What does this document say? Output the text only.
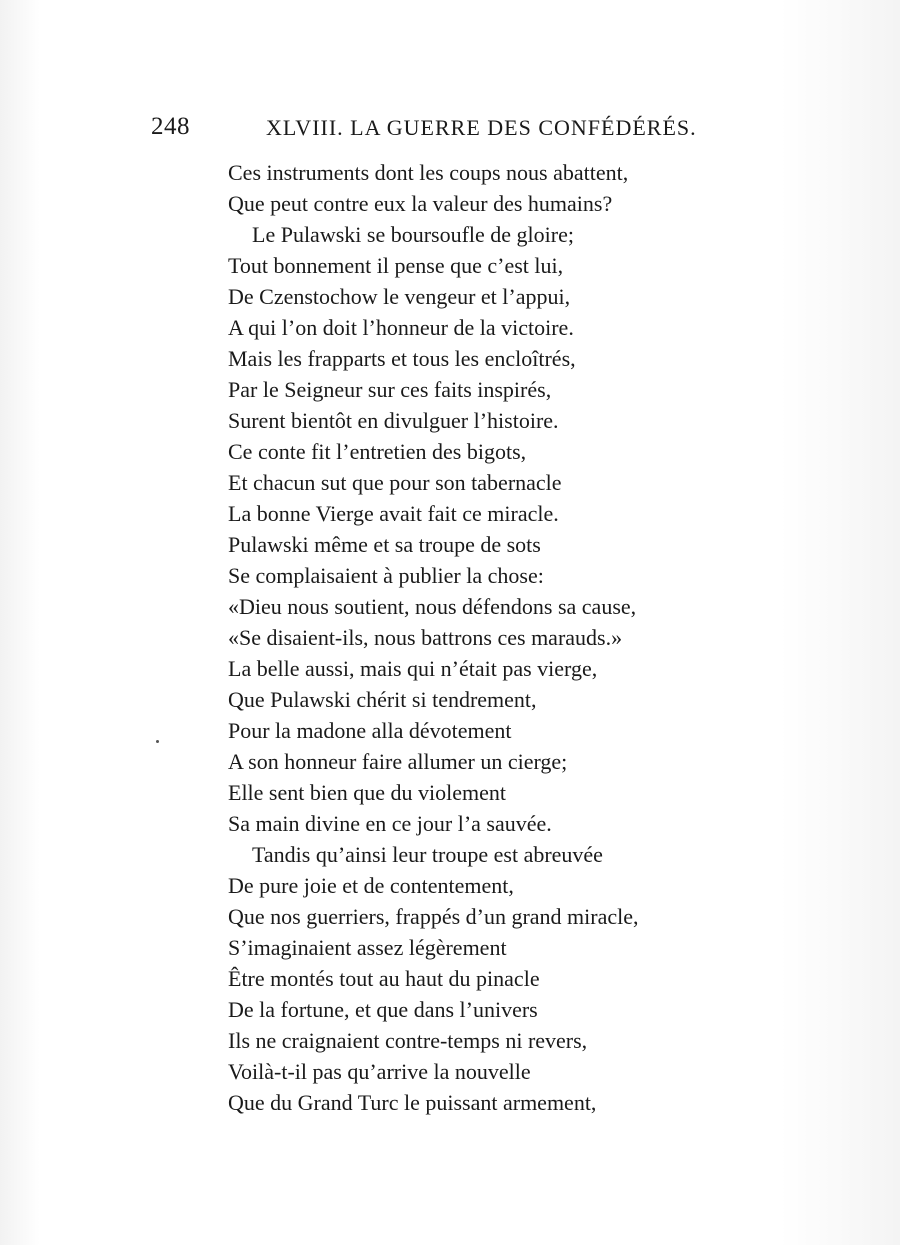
248	XLVIII. LA GUERRE DES CONFÉDÉRÉS.
Ces instruments dont les coups nous abattent,
Que peut contre eux la valeur des humains?
Le Pulawski se boursoufle de gloire;
Tout bonnement il pense que c’est lui,
De Czenstochow le vengeur et l’appui,
A qui l’on doit l’honneur de la victoire.
Mais les frapparts et tous les encloîtrés,
Par le Seigneur sur ces faits inspirés,
Surent bientôt en divulguer l’histoire.
Ce conte fit l’entretien des bigots,
Et chacun sut que pour son tabernacle
La bonne Vierge avait fait ce miracle.
Pulawski même et sa troupe de sots
Se complaisaient à publier la chose:
«Dieu nous soutient, nous défendons sa cause,
«Se disaient-ils, nous battrons ces marauds.»
La belle aussi, mais qui n’était pas vierge,
Que Pulawski chérit si tendrement,
Pour la madone alla dévotement
A son honneur faire allumer un cierge;
Elle sent bien que du violement
Sa main divine en ce jour l’a sauvée.
Tandis qu’ainsi leur troupe est abreuvée
De pure joie et de contentement,
Que nos guerriers, frappés d’un grand miracle,
S’imaginaient assez légèrement
Être montés tout au haut du pinacle
De la fortune, et que dans l’univers
Ils ne craignaient contre-temps ni revers,
Voilà-t-il pas qu’arrive la nouvelle
Que du Grand Turc le puissant armement,
